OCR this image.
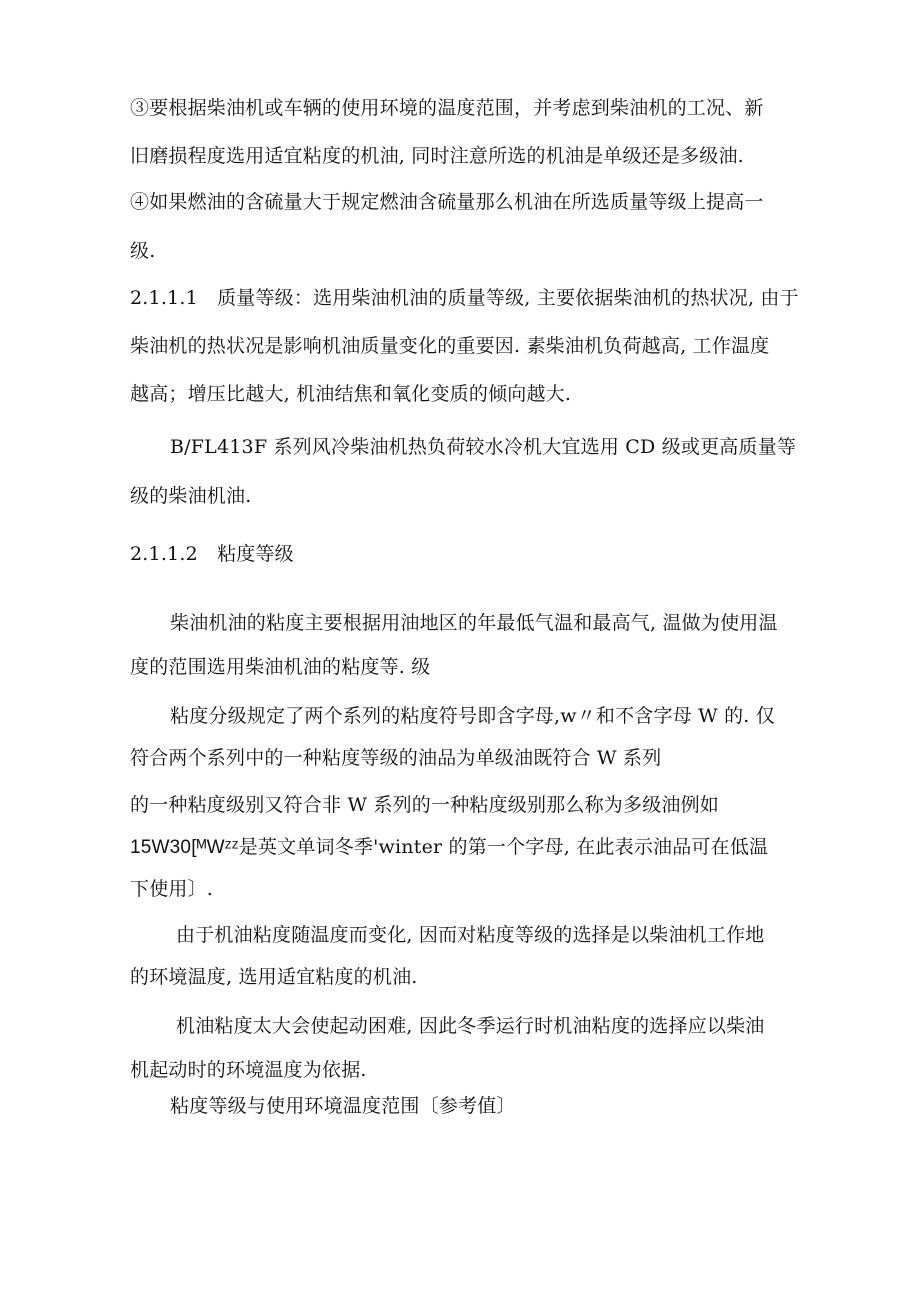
③要根据柴油机或车辆的使用环境的温度范围，并考虑到柴油机的工况、新
旧磨损程度选用适宜粘度的机油, 同时注意所选的机油是单级还是多级油.
④如果燃油的含硫量大于规定燃油含硫量那么机油在所选质量等级上提高一
级.
2.1.1.1　质量等级：选用柴油机油的质量等级, 主要依据柴油机的热状况, 由于
柴油机的热状况是影响机油质量变化的重要因. 素柴油机负荷越高, 工作温度
越高；增压比越大, 机油结焦和氧化变质的倾向越大.
B/FL413F 系列风冷柴油机热负荷较水冷机大宜选用 CD 级或更高质量等
级的柴油机油.
2.1.1.2　粘度等级
柴油机油的粘度主要根据用油地区的年最低气温和最高气, 温做为使用温
度的范围选用柴油机油的粘度等. 级
粘度分级规定了两个系列的粘度符号即含字母,w〃和不含字母 W 的. 仅
符合两个系列中的一种粘度等级的油品为单级油既符合 W 系列
的一种粘度级别又符合非 W 系列的一种粘度级别那么称为多级油例如
15W30[ᴹWᶻᶻ是英文单词冬季'winter 的第一个字母, 在此表示油品可在低温
下使用〕.
由于机油粘度随温度而变化, 因而对粘度等级的选择是以柴油机工作地
的环境温度, 选用适宜粘度的机油.
机油粘度太大会使起动困难, 因此冬季运行时机油粘度的选择应以柴油
机起动时的环境温度为依据.
粘度等级与使用环境温度范围〔参考值〕
